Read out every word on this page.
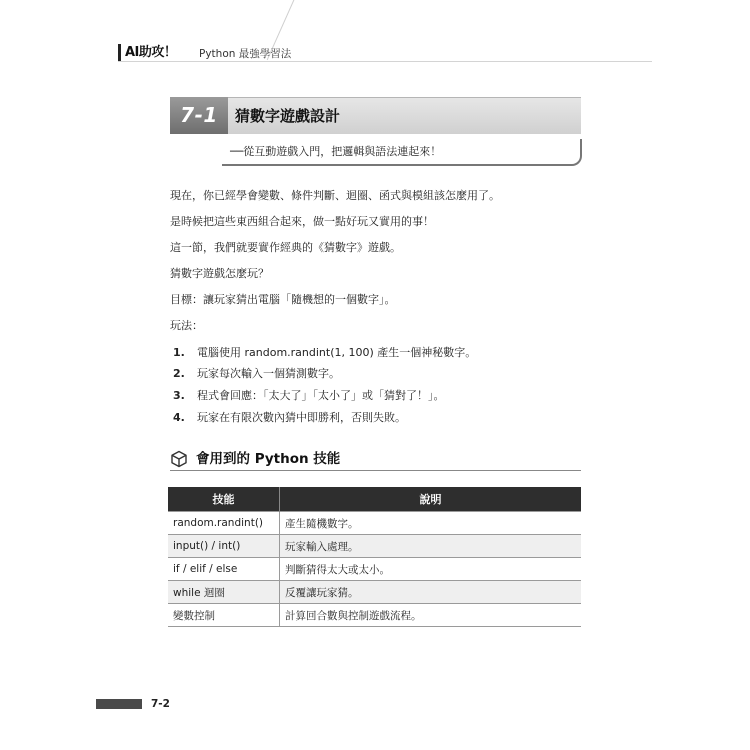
AI助攻！ Python 最強學習法
7-1	猜數字遊戲設計
──從互動遊戲入門，把邏輯與語法連起來！
現在，你已經學會變數、條件判斷、迴圈、函式與模組該怎麼用了。
是時候把這些東西組合起來，做一點好玩又實用的事！
這一節，我們就要實作經典的《猜數字》遊戲。
猜數字遊戲怎麼玩？
目標：讓玩家猜出電腦「隨機想的一個數字」。
玩法：
1. 電腦使用 random.randint(1, 100) 產生一個神秘數字。
2. 玩家每次輸入一個猜測數字。
3. 程式會回應：「太大了」「太小了」或「猜對了！」。
4. 玩家在有限次數內猜中即勝利，否則失敗。
會用到的 Python 技能
技能	說明
random.randint()	產生隨機數字。
input() / int()	玩家輸入處理。
if / elif / else	判斷猜得太大或太小。
while 迴圈	反覆讓玩家猜。
變數控制	計算回合數與控制遊戲流程。
7-2
